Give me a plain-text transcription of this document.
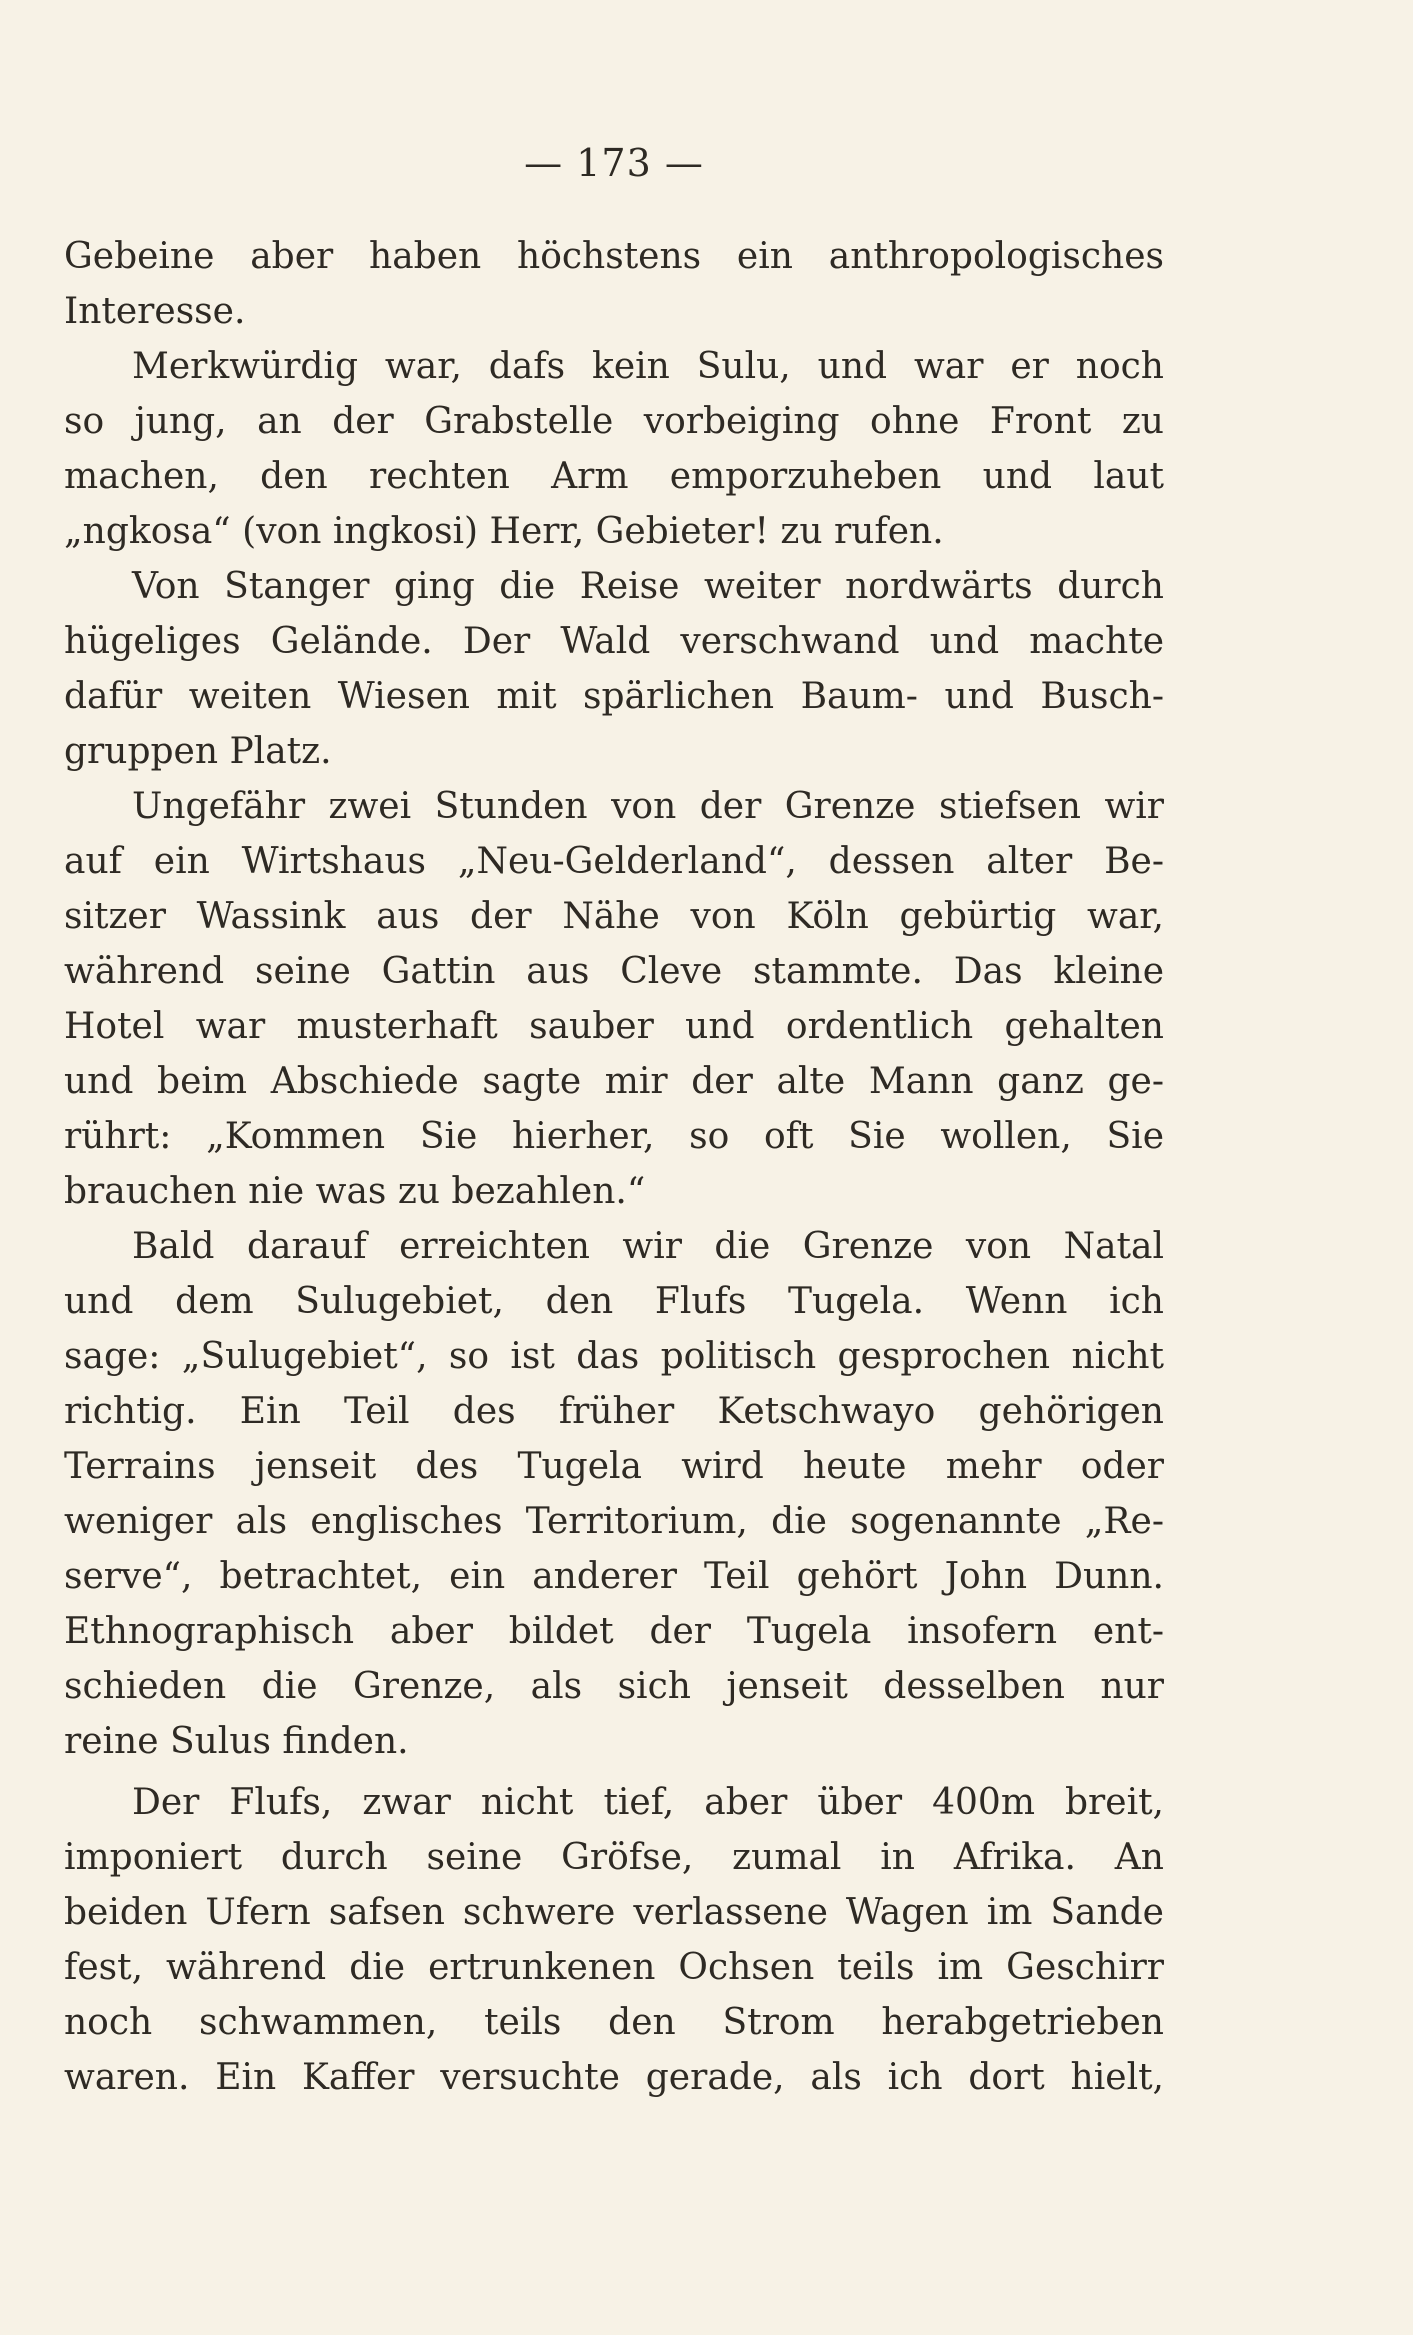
— 173 —
Gebeine aber haben höchstens ein anthropologisches
Interesse.
Merkwürdig war, dafs kein Sulu, und war er noch
so jung, an der Grabstelle vorbeiging ohne Front zu
machen, den rechten Arm emporzuheben und laut
„ngkosa“ (von ingkosi) Herr, Gebieter! zu rufen.
Von Stanger ging die Reise weiter nordwärts durch
hügeliges Gelände. Der Wald verschwand und machte
dafür weiten Wiesen mit spärlichen Baum- und Busch-
gruppen Platz.
Ungefähr zwei Stunden von der Grenze stiefsen wir
auf ein Wirtshaus „Neu-Gelderland“, dessen alter Be-
sitzer Wassink aus der Nähe von Köln gebürtig war,
während seine Gattin aus Cleve stammte. Das kleine
Hotel war musterhaft sauber und ordentlich gehalten
und beim Abschiede sagte mir der alte Mann ganz ge-
rührt: „Kommen Sie hierher, so oft Sie wollen, Sie
brauchen nie was zu bezahlen.“
Bald darauf erreichten wir die Grenze von Natal
und dem Sulugebiet, den Flufs Tugela. Wenn ich
sage: „Sulugebiet“, so ist das politisch gesprochen nicht
richtig. Ein Teil des früher Ketschwayo gehörigen
Terrains jenseit des Tugela wird heute mehr oder
weniger als englisches Territorium, die sogenannte „Re-
serve“, betrachtet, ein anderer Teil gehört John Dunn.
Ethnographisch aber bildet der Tugela insofern ent-
schieden die Grenze, als sich jenseit desselben nur
reine Sulus finden.
Der Flufs, zwar nicht tief, aber über 400m breit,
imponiert durch seine Gröfse, zumal in Afrika. An
beiden Ufern safsen schwere verlassene Wagen im Sande
fest, während die ertrunkenen Ochsen teils im Geschirr
noch schwammen, teils den Strom herabgetrieben
waren. Ein Kaffer versuchte gerade, als ich dort hielt,
